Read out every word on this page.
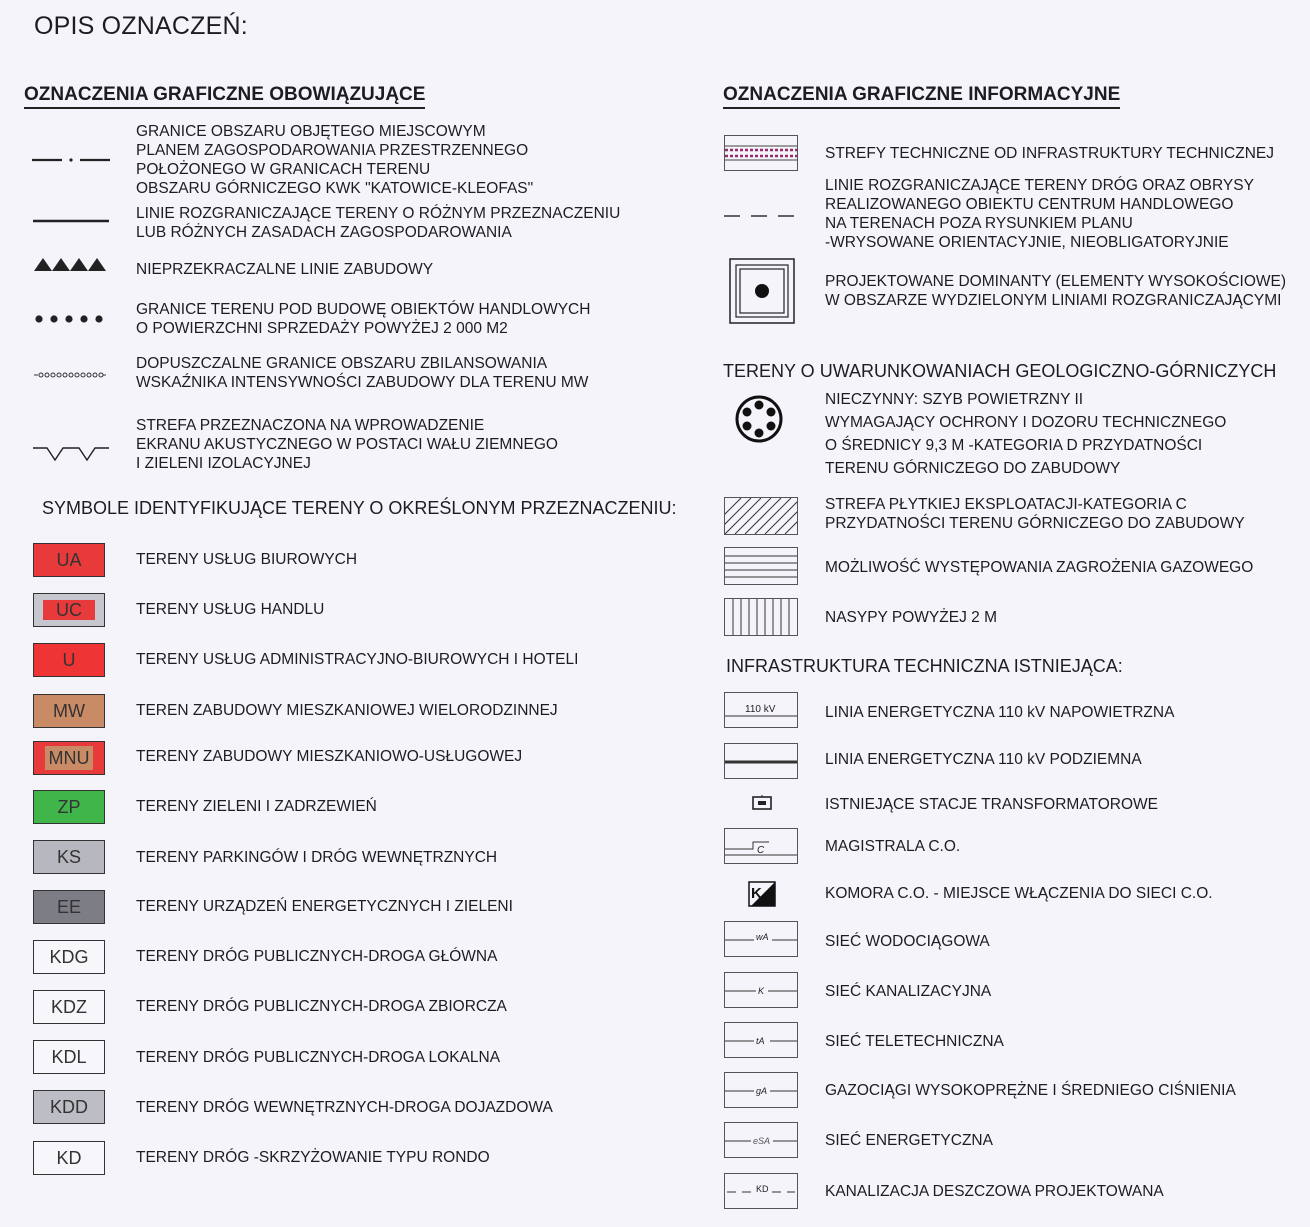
OPIS OZNACZEŃ:
OZNACZENIA GRAFICZNE OBOWIĄZUJĄCE
GRANICE OBSZARU OBJĘTEGO MIEJSCOWYM
PLANEM ZAGOSPODAROWANIA PRZESTRZENNEGO
POŁOŻONEGO W GRANICACH TERENU
OBSZARU GÓRNICZEGO KWK "KATOWICE-KLEOFAS"
LINIE ROZGRANICZAJĄCE TERENY O RÓŻNYM PRZEZNACZENIU
LUB RÓŻNYCH ZASADACH ZAGOSPODAROWANIA
NIEPRZEKRACZALNE LINIE ZABUDOWY
GRANICE TERENU POD BUDOWĘ OBIEKTÓW HANDLOWYCH
O POWIERZCHNI SPRZEDAŻY POWYŻEJ 2 000 M2
DOPUSZCZALNE GRANICE OBSZARU ZBILANSOWANIA
WSKAŹNIKA INTENSYWNOŚCI ZABUDOWY DLA TERENU MW
STREFA PRZEZNACZONA NA WPROWADZENIE
EKRANU AKUSTYCZNEGO W POSTACI WAŁU ZIEMNEGO
I ZIELENI IZOLACYJNEJ
SYMBOLE IDENTYFIKUJĄCE TERENY O OKREŚLONYM PRZEZNACZENIU:
UA	TERENY USŁUG BIUROWYCH
UC	TERENY USŁUG HANDLU
U	TERENY USŁUG ADMINISTRACYJNO-BIUROWYCH I HOTELI
MW	TEREN ZABUDOWY MIESZKANIOWEJ WIELORODZINNEJ
MNU	TERENY ZABUDOWY MIESZKANIOWO-USŁUGOWEJ
ZP	TERENY ZIELENI I ZADRZEWIEŃ
KS	TERENY PARKINGÓW I DRÓG WEWNĘTRZNYCH
EE	TERENY URZĄDZEŃ ENERGETYCZNYCH I ZIELENI
KDG	TERENY DRÓG PUBLICZNYCH-DROGA GŁÓWNA
KDZ	TERENY DRÓG PUBLICZNYCH-DROGA ZBIORCZA
KDL	TERENY DRÓG PUBLICZNYCH-DROGA LOKALNA
KDD	TERENY DRÓG WEWNĘTRZNYCH-DROGA DOJAZDOWA
KD	TERENY DRÓG -SKRZYŻOWANIE TYPU RONDO
OZNACZENIA GRAFICZNE INFORMACYJNE
STREFY TECHNICZNE OD INFRASTRUKTURY TECHNICZNEJ
LINIE ROZGRANICZAJĄCE TERENY DRÓG ORAZ OBRYSY
REALIZOWANEGO OBIEKTU CENTRUM HANDLOWEGO
NA TERENACH POZA RYSUNKIEM PLANU
-WRYSOWANE ORIENTACYJNIE, NIEOBLIGATORYJNIE
PROJEKTOWANE DOMINANTY (ELEMENTY WYSOKOŚCIOWE)
W OBSZARZE WYDZIELONYM LINIAMI ROZGRANICZAJĄCYMI
TERENY O UWARUNKOWANIACH GEOLOGICZNO-GÓRNICZYCH
NIECZYNNY: SZYB POWIETRZNY II
WYMAGAJĄCY OCHRONY I DOZORU TECHNICZNEGO
O ŚREDNICY 9,3 M -KATEGORIA D PRZYDATNOŚCI
TERENU GÓRNICZEGO DO ZABUDOWY
STREFA PŁYTKIEJ EKSPLOATACJI-KATEGORIA C
PRZYDATNOŚCI TERENU GÓRNICZEGO DO ZABUDOWY
MOŻLIWOŚĆ WYSTĘPOWANIA ZAGROŻENIA GAZOWEGO
NASYPY POWYŻEJ 2 M
INFRASTRUKTURA TECHNICZNA ISTNIEJĄCA:
110 kV	LINIA ENERGETYCZNA 110 kV NAPOWIETRZNA
LINIA ENERGETYCZNA 110 kV PODZIEMNA
ISTNIEJĄCE STACJE TRANSFORMATOROWE
C	MAGISTRALA C.O.
K	KOMORA C.O. - MIEJSCE WŁĄCZENIA DO SIECI C.O.
wA	SIEĆ WODOCIĄGOWA
K	SIEĆ KANALIZACYJNA
tA	SIEĆ TELETECHNICZNA
gA	GAZOCIĄGI WYSOKOPRĘŻNE I ŚREDNIEGO CIŚNIENIA
eSA	SIEĆ ENERGETYCZNA
KD	KANALIZACJA DESZCZOWA PROJEKTOWANA
